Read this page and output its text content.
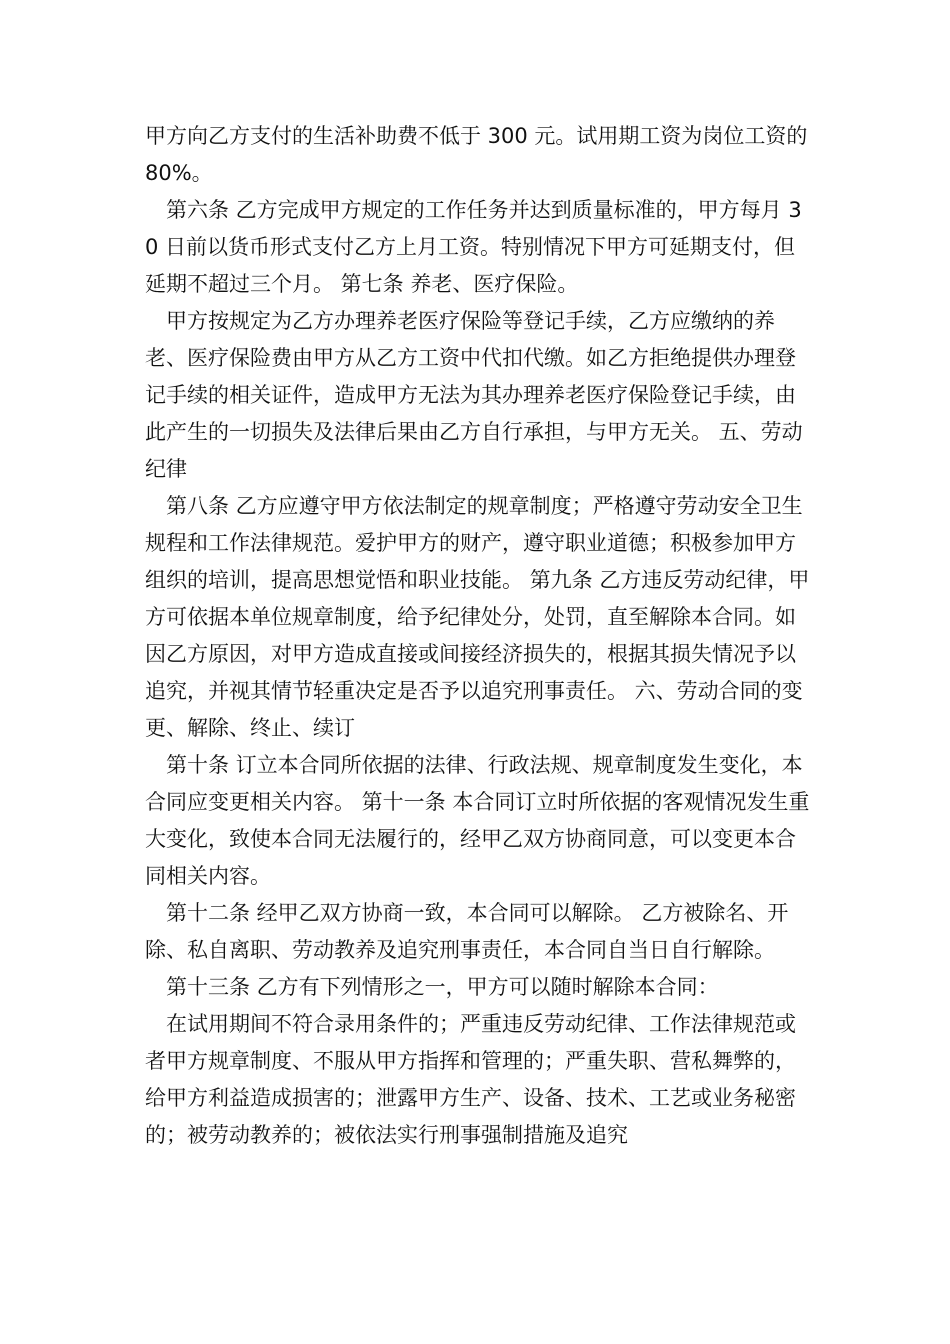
甲方向乙方支付的生活补助费不低于 300 元。试用期工资为岗位工资的 80%。

第六条 乙方完成甲方规定的工作任务并达到质量标准的，甲方每月 30 日前以货币形式支付乙方上月工资。特别情况下甲方可延期支付，但延期不超过三个月。 第七条 养老、医疗保险。

甲方按规定为乙方办理养老医疗保险等登记手续，乙方应缴纳的养老、医疗保险费由甲方从乙方工资中代扣代缴。如乙方拒绝提供办理登记手续的相关证件，造成甲方无法为其办理养老医疗保险登记手续，由此产生的一切损失及法律后果由乙方自行承担，与甲方无关。 五、劳动纪律

第八条 乙方应遵守甲方依法制定的规章制度；严格遵守劳动安全卫生规程和工作法律规范。爱护甲方的财产，遵守职业道德；积极参加甲方组织的培训，提高思想觉悟和职业技能。 第九条 乙方违反劳动纪律，甲方可依据本单位规章制度，给予纪律处分，处罚，直至解除本合同。如因乙方原因，对甲方造成直接或间接经济损失的，根据其损失情况予以追究，并视其情节轻重决定是否予以追究刑事责任。 六、劳动合同的变更、解除、终止、续订

第十条 订立本合同所依据的法律、行政法规、规章制度发生变化，本合同应变更相关内容。 第十一条 本合同订立时所依据的客观情况发生重大变化，致使本合同无法履行的，经甲乙双方协商同意，可以变更本合同相关内容。

第十二条 经甲乙双方协商一致，本合同可以解除。 乙方被除名、开除、私自离职、劳动教养及追究刑事责任，本合同自当日自行解除。

第十三条 乙方有下列情形之一，甲方可以随时解除本合同：

在试用期间不符合录用条件的；严重违反劳动纪律、工作法律规范或者甲方规章制度、不服从甲方指挥和管理的；严重失职、营私舞弊的，给甲方利益造成损害的；泄露甲方生产、设备、技术、工艺或业务秘密的；被劳动教养的；被依法实行刑事强制措施及追究
